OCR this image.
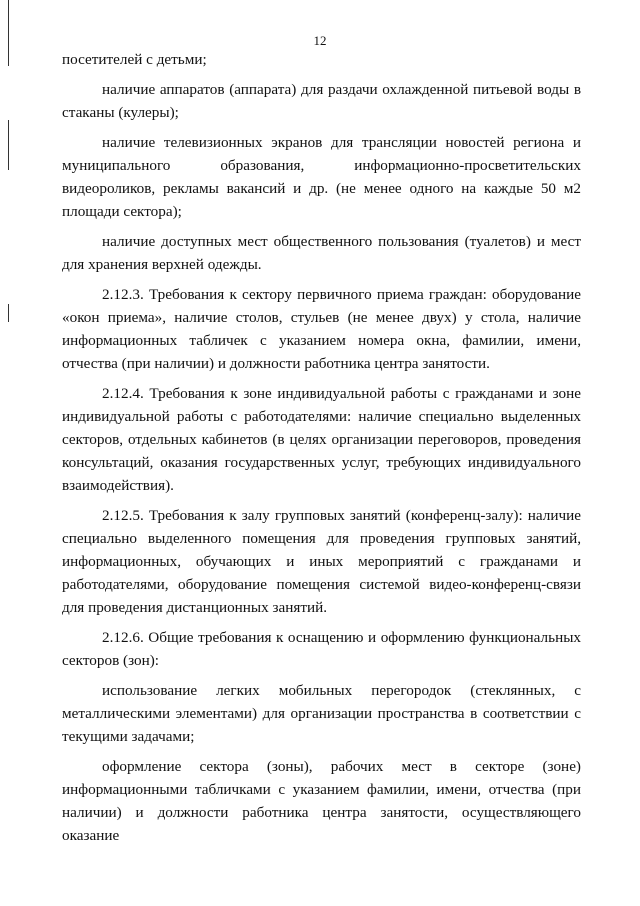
12

посетителей с детьми;

наличие аппаратов (аппарата) для раздачи охлажденной питьевой воды в стаканы (кулеры);

наличие телевизионных экранов для трансляции новостей региона и муниципального образования, информационно-просветительских видеороликов, рекламы вакансий и др. (не менее одного на каждые 50 м2 площади сектора);

наличие доступных мест общественного пользования (туалетов) и мест для хранения верхней одежды.

2.12.3. Требования к сектору первичного приема граждан: оборудование «окон приема», наличие столов, стульев (не менее двух) у стола, наличие информационных табличек с указанием номера окна, фамилии, имени, отчества (при наличии) и должности работника центра занятости.

2.12.4. Требования к зоне индивидуальной работы с гражданами и зоне индивидуальной работы с работодателями: наличие специально выделенных секторов, отдельных кабинетов (в целях организации переговоров, проведения консультаций, оказания государственных услуг, требующих индивидуального взаимодействия).

2.12.5. Требования к залу групповых занятий (конференц-залу): наличие специально выделенного помещения для проведения групповых занятий, информационных, обучающих и иных мероприятий с гражданами и работодателями, оборудование помещения системой видео-конференц-связи для проведения дистанционных занятий.

2.12.6. Общие требования к оснащению и оформлению функциональных секторов (зон):

использование легких мобильных перегородок (стеклянных, с металлическими элементами) для организации пространства в соответствии с текущими задачами;

оформление сектора (зоны), рабочих мест в секторе (зоне) информационными табличками с указанием фамилии, имени, отчества (при наличии) и должности работника центра занятости, осуществляющего оказание
